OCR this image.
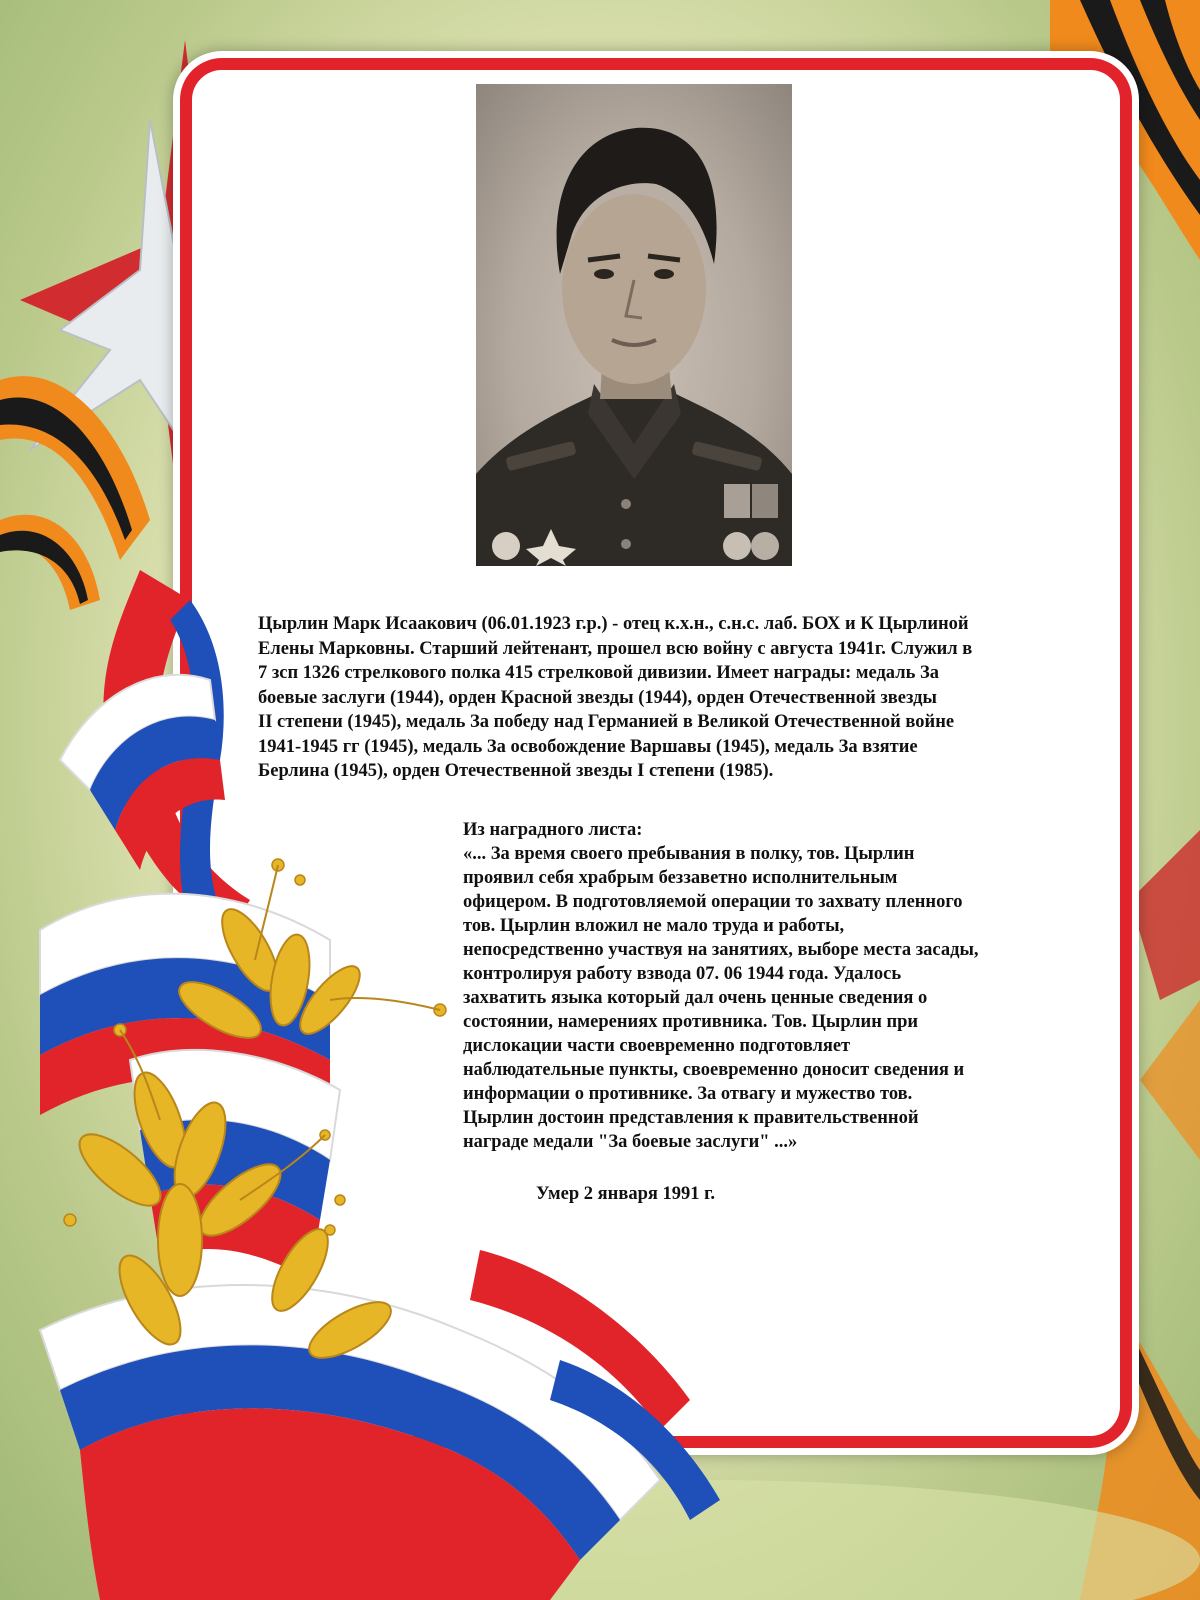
Цырлин Марк Исаакович (06.01.1923 г.р.) - отец к.х.н., с.н.с. лаб. БОХ и К Цырлиной
Елены Марковны. Старший лейтенант, прошел всю войну с августа 1941г. Служил в
7 зсп 1326 стрелкового полка 415 стрелковой дивизии. Имеет награды: медаль За
боевые заслуги (1944), орден Красной звезды (1944), орден Отечественной звезды
II степени (1945), медаль За победу над Германией в Великой Отечественной войне
1941-1945 гг (1945), медаль За освобождение Варшавы (1945), медаль За взятие
Берлина (1945), орден Отечественной звезды I степени (1985).
Из наградного листа:
«... За время своего пребывания в полку, тов. Цырлин
проявил себя храбрым беззаветно исполнительным
офицером. В подготовляемой операции то захвату пленного
тов. Цырлин вложил не мало труда и работы,
непосредственно участвуя на занятиях, выборе места засады,
контролируя работу взвода 07. 06 1944 года. Удалось
захватить языка который дал очень ценные сведения о
состоянии, намерениях противника. Тов. Цырлин при
дислокации части своевременно подготовляет
наблюдательные пункты, своевременно доносит сведения и
информации о противнике. За отвагу и мужество тов.
Цырлин достоин представления к правительственной
награде медали "За боевые заслуги" ...»
Умер 2 января 1991 г.
